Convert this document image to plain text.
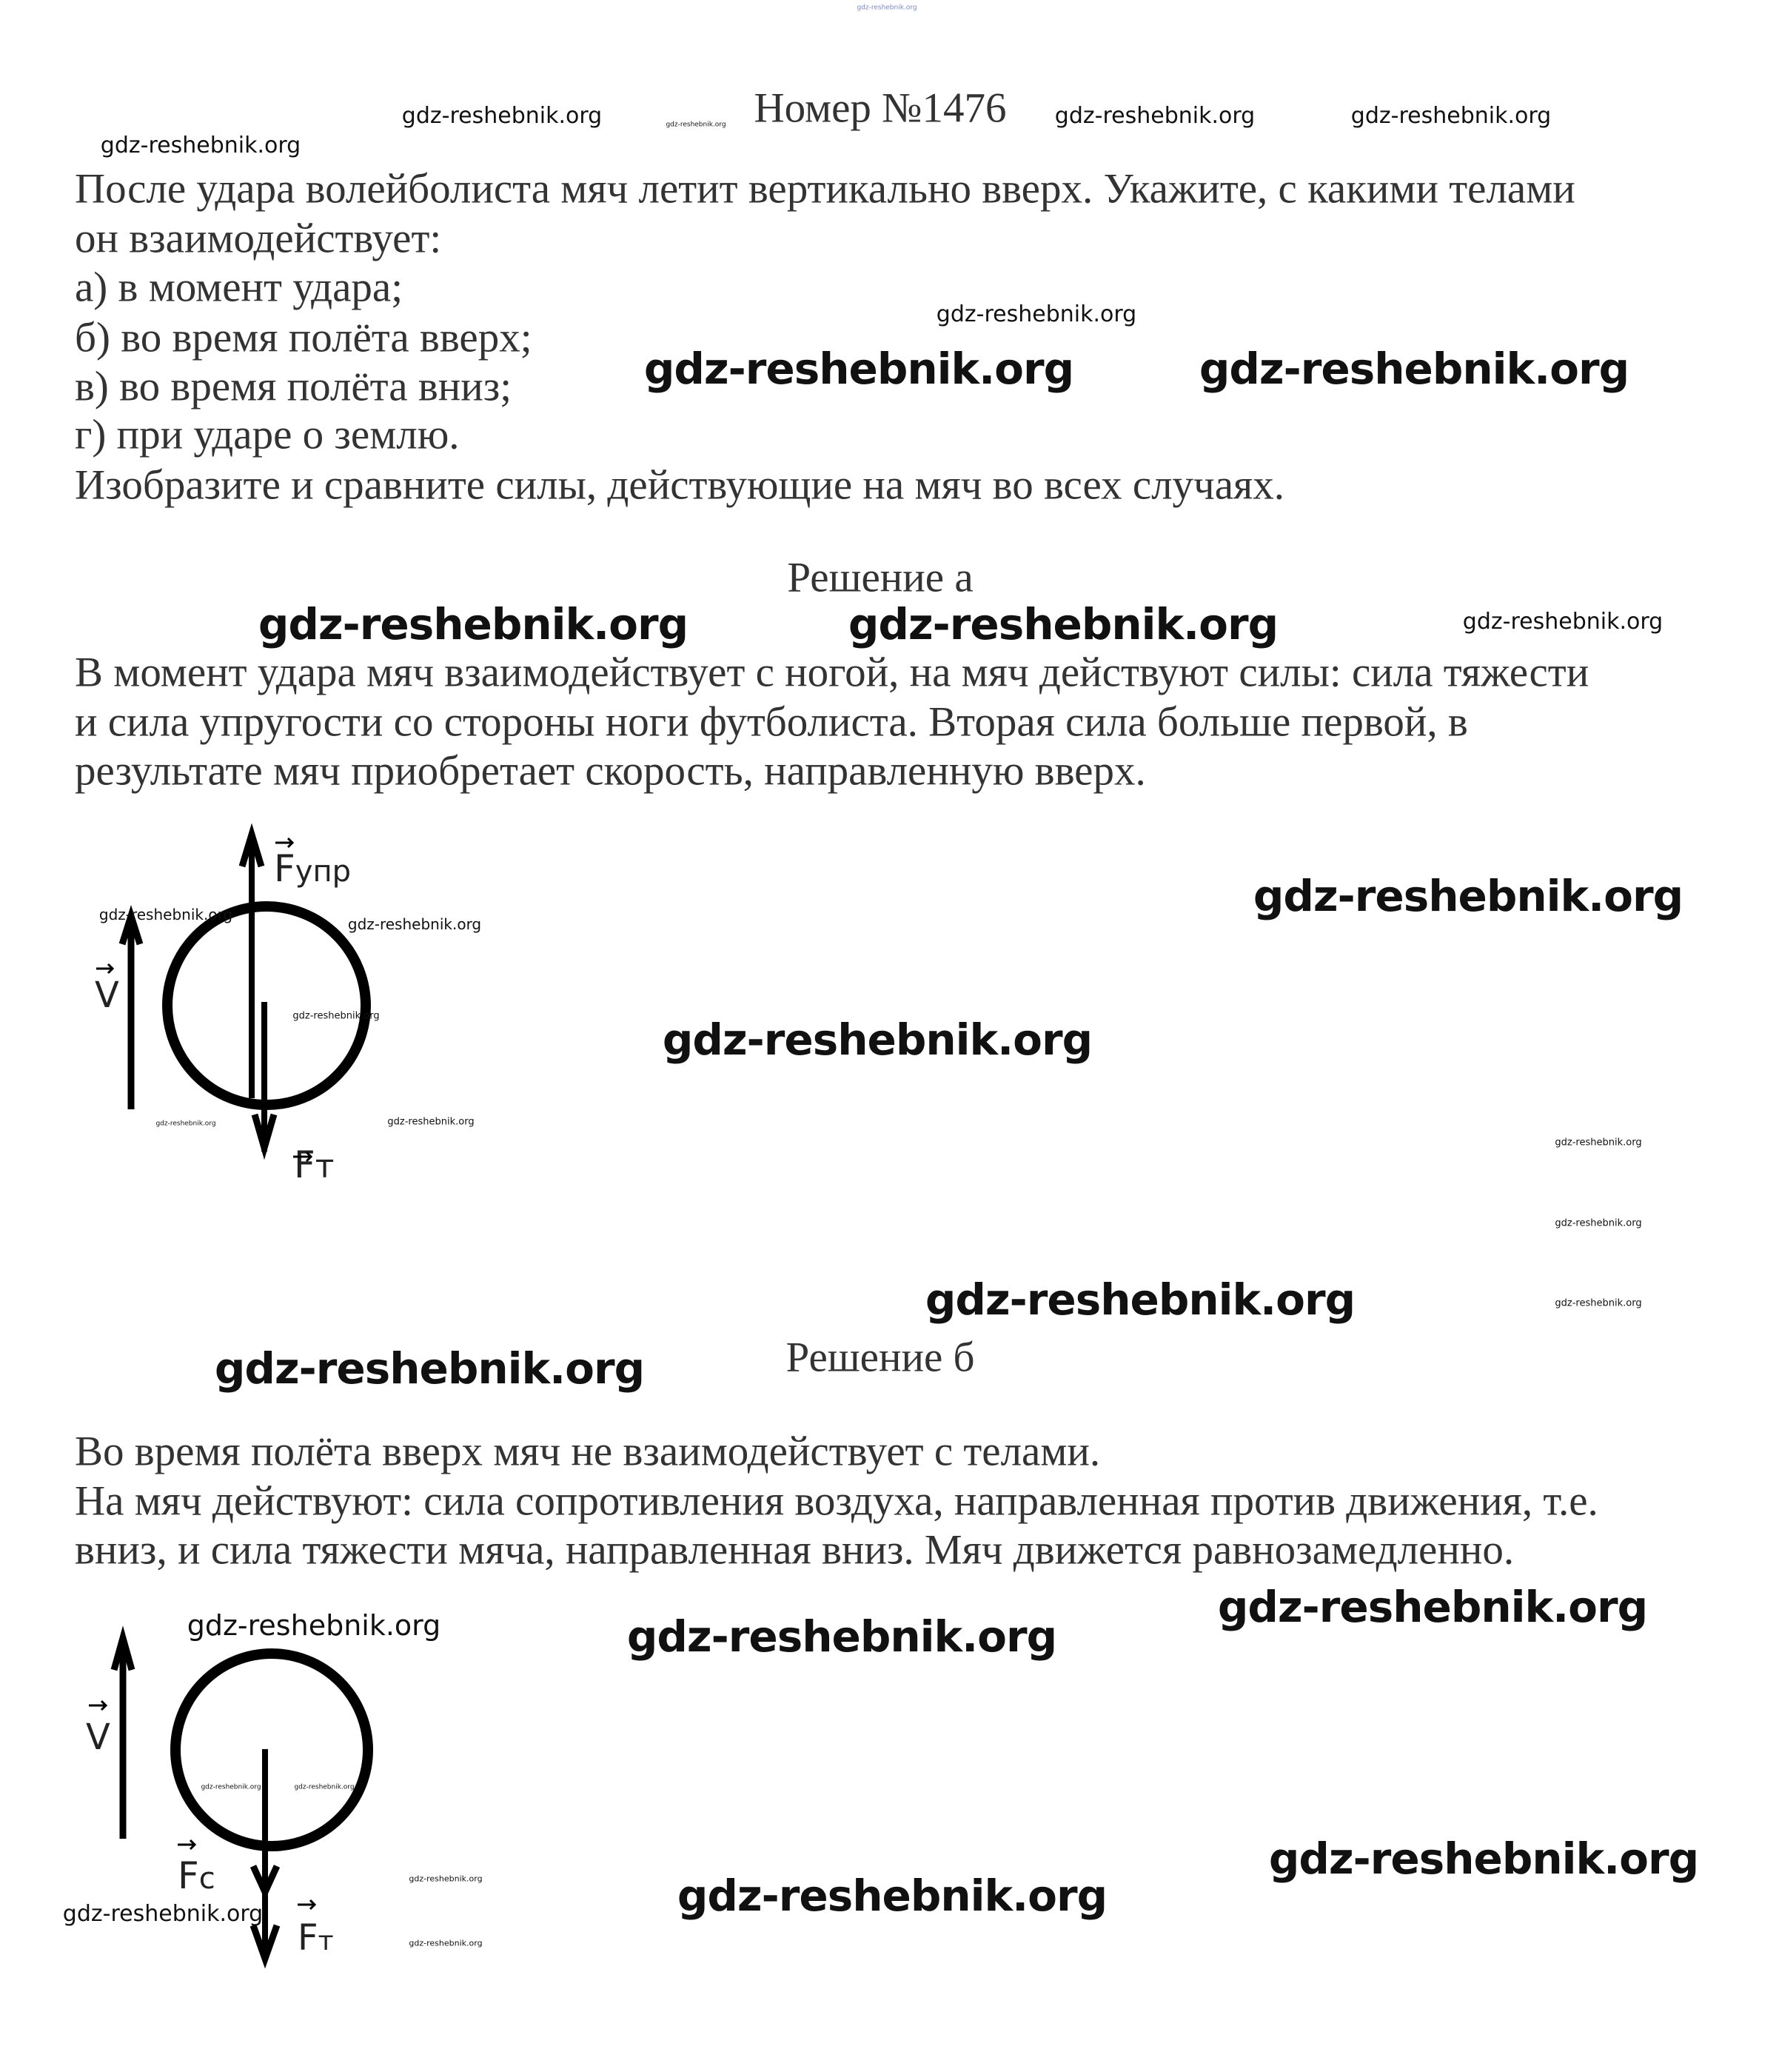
Номер №1476
После удара волейболиста мяч летит вертикально вверх. Укажите, с какими телами
он взаимодействует:
а) в момент удара;
б) во время полёта вверх;
в) во время полёта вниз;
г) при ударе о землю.
Изобразите и сравните силы, действующие на мяч во всех случаях.
Решение а
В момент удара мяч взаимодействует с ногой, на мяч действуют силы: сила тяжести
и сила упругости со стороны ноги футболиста. Вторая сила больше первой, в
результате мяч приобретает скорость, направленную вверх.
Решение б
Во время полёта вверх мяч не взаимодействует с телами.
На мяч действуют: сила сопротивления воздуха, направленная против движения, т.е.
вниз, и сила тяжести мяча, направленная вниз. Мяч движется равнозамедленно.
V
Fупр
Fт
V
Fc
Fт
gdz-reshebnik.org
gdz-reshebnik.org	gdz-reshebnik.org	gdz-reshebnik.org	gdz-reshebnik.org
gdz-reshebnik.org
gdz-reshebnik.org
gdz-reshebnik.org	gdz-reshebnik.org
gdz-reshebnik.org	gdz-reshebnik.org	gdz-reshebnik.org
gdz-reshebnik.org
gdz-reshebnik.org
gdz-reshebnik.org
gdz-reshebnik.org
gdz-reshebnik.org	gdz-reshebnik.org
gdz-reshebnik.org
gdz-reshebnik.org
gdz-reshebnik.org
gdz-reshebnik.org
gdz-reshebnik.org
gdz-reshebnik.org
gdz-reshebnik.org
gdz-reshebnik.org	gdz-reshebnik.org
gdz-reshebnik.org	gdz-reshebnik.org
gdz-reshebnik.org
gdz-reshebnik.org
gdz-reshebnik.org
gdz-reshebnik.org
gdz-reshebnik.org
